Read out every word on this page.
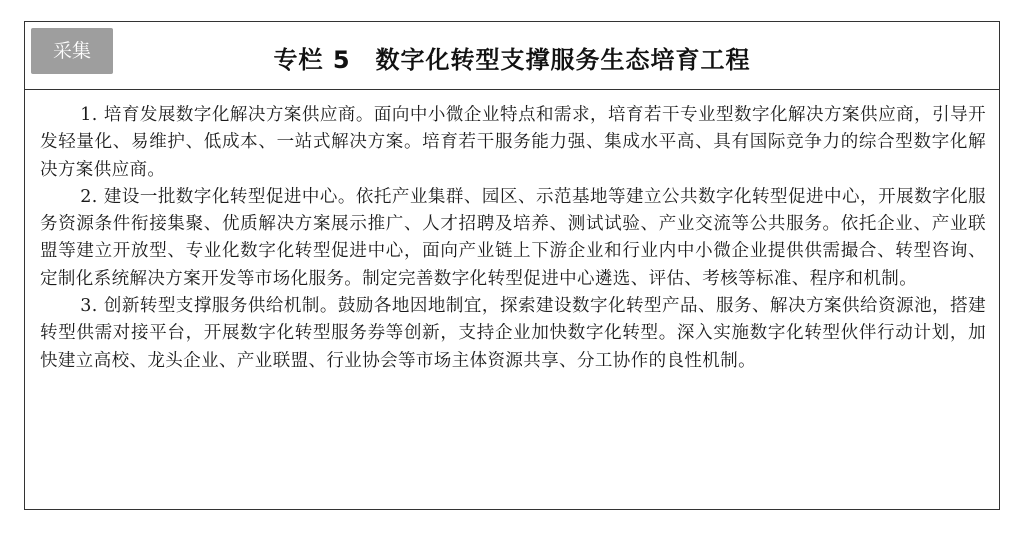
采集	专栏 5　数字化转型支撑服务生态培育工程

1. 培育发展数字化解决方案供应商。面向中小微企业特点和需求，培育若干专业型数字化解决方案供应商，引导开发轻量化、易维护、低成本、一站式解决方案。培育若干服务能力强、集成水平高、具有国际竞争力的综合型数字化解决方案供应商。

2. 建设一批数字化转型促进中心。依托产业集群、园区、示范基地等建立公共数字化转型促进中心，开展数字化服务资源条件衔接集聚、优质解决方案展示推广、人才招聘及培养、测试试验、产业交流等公共服务。依托企业、产业联盟等建立开放型、专业化数字化转型促进中心，面向产业链上下游企业和行业内中小微企业提供供需撮合、转型咨询、定制化系统解决方案开发等市场化服务。制定完善数字化转型促进中心遴选、评估、考核等标准、程序和机制。

3. 创新转型支撑服务供给机制。鼓励各地因地制宜，探索建设数字化转型产品、服务、解决方案供给资源池，搭建转型供需对接平台，开展数字化转型服务券等创新，支持企业加快数字化转型。深入实施数字化转型伙伴行动计划，加快建立高校、龙头企业、产业联盟、行业协会等市场主体资源共享、分工协作的良性机制。
